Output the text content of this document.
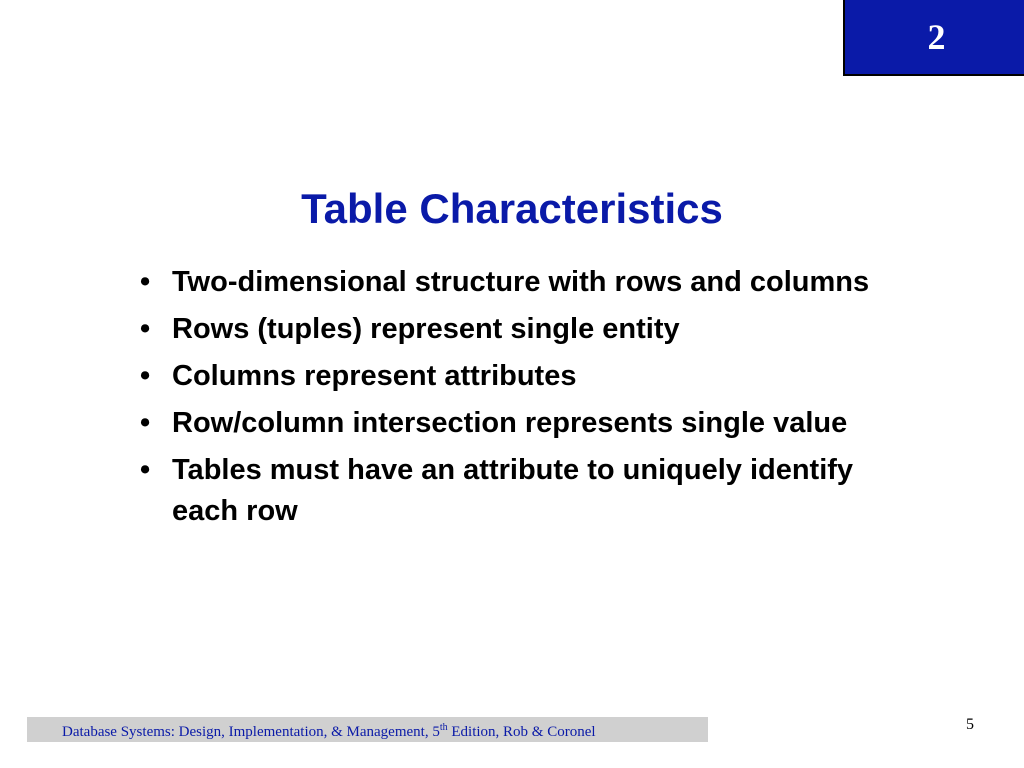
2
Table Characteristics
• Two-dimensional structure with rows and columns
• Rows (tuples) represent single entity
• Columns represent attributes
• Row/column intersection represents single value
• Tables must have an attribute to uniquely identify each row
Database Systems: Design, Implementation, & Management, 5th Edition, Rob & Coronel	5
